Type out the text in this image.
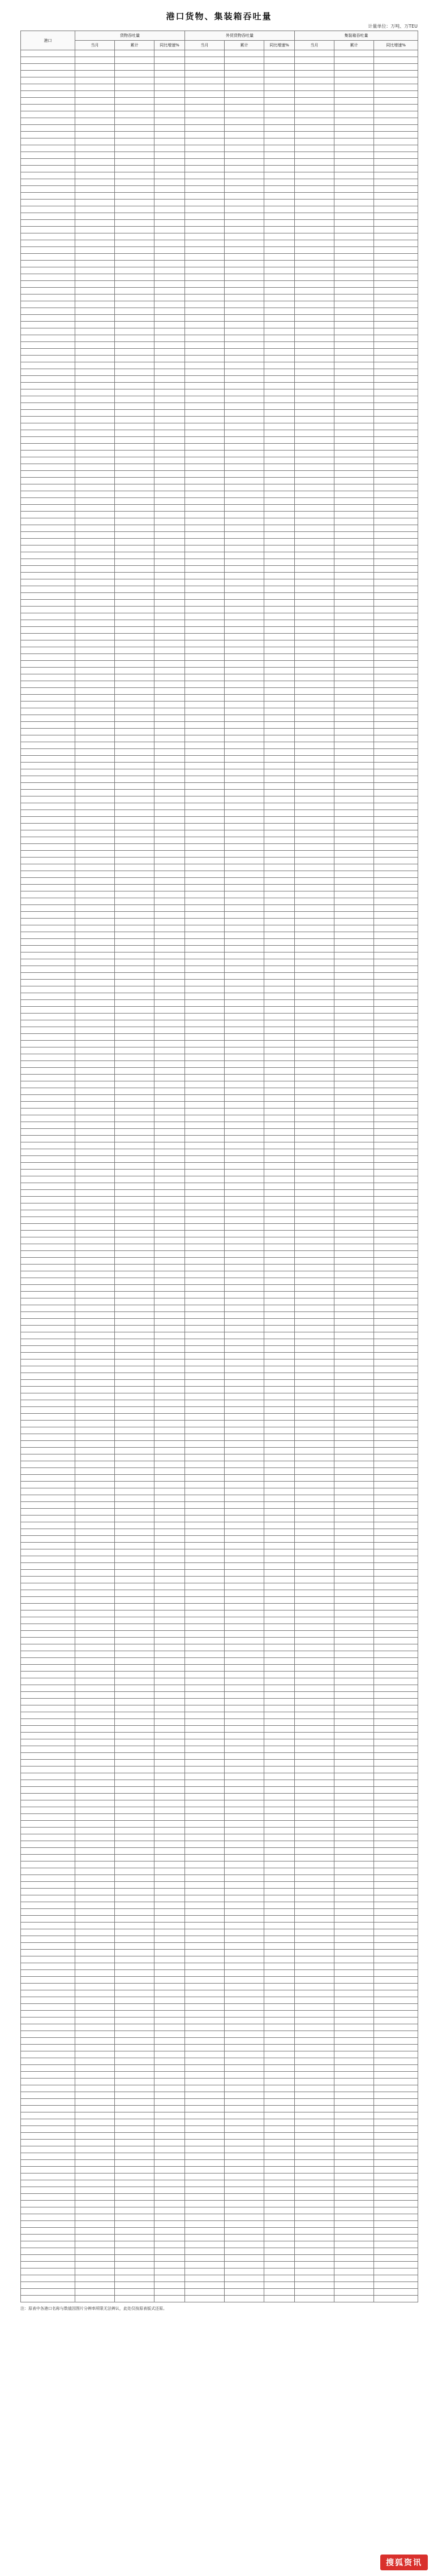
港口货物、集装箱吞吐量
计量单位：万吨、万TEU
港口	货物吞吐量			外贸货物吞吐量			集装箱吞吐量		
	当月	累计	同比增速%	当月	累计	同比增速%	当月	累计	同比增速%

注：原表中各港口名称与数值因图片分辨率所限无法辨认，此处仅按原表版式还原。
搜狐资讯
